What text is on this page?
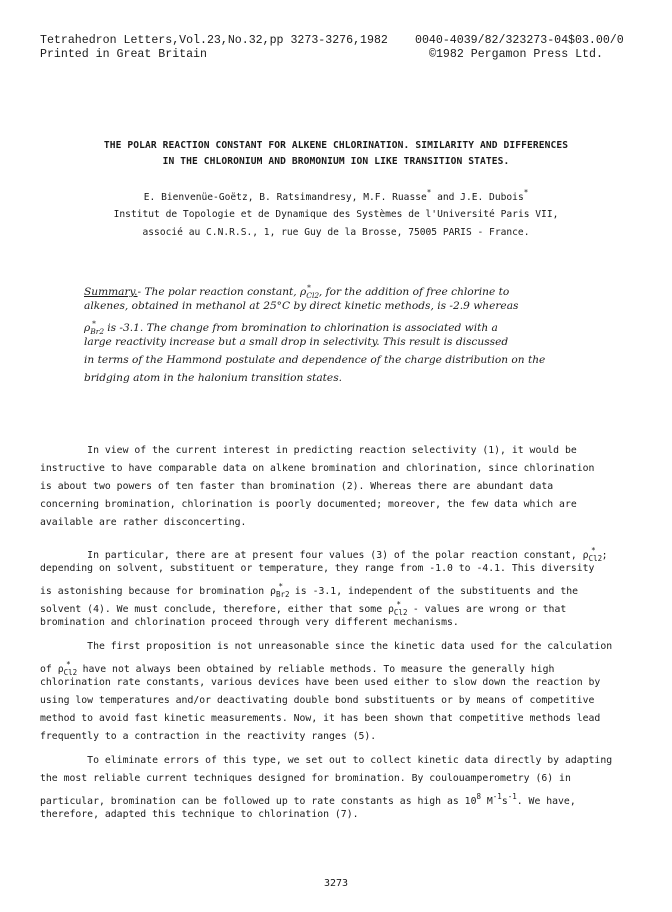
Tetrahedron Letters,Vol.23,No.32,pp 3273-3276,1982 0040-4039/82/323273-04$03.00/0
Printed in Great Britain	©1982 Pergamon Press Ltd.
THE POLAR REACTION CONSTANT FOR ALKENE CHLORINATION. SIMILARITY AND DIFFERENCES
IN THE CHLORONIUM AND BROMONIUM ION LIKE TRANSITION STATES.
E. Bienvenüe-Goëtz, B. Ratsimandresy, M.F. Ruasse* and J.E. Dubois*
Institut de Topologie et de Dynamique des Systèmes de l'Université Paris VII,
associé au C.N.R.S., 1, rue Guy de la Brosse, 75005 PARIS - France.
Summary.- The polar reaction constant, $\rho_{Cl2}^*$ , for the addition of free chlorine to
alkenes, obtained in methanol at 25°C by direct kinetic methods, is -2.9 whereas
$\rho_{Br2}^*$ is -3.1. The change from bromination to chlorination is associated with a
large reactivity increase but a small drop in selectivity. This result is discussed
in terms of the Hammond postulate and dependence of the charge distribution on the
bridging atom in the halonium transition states.
In view of the current interest in predicting reaction selectivity (1), it would be
instructive to have comparable data on alkene bromination and chlorination, since chlorination
is about two powers of ten faster than bromination (2). Whereas there are abundant data
concerning bromination, chlorination is poorly documented; moreover, the few data which are
available are rather disconcerting.
In particular, there are at present four values (3) of the polar reaction constant, $\rho_{Cl2}^*$ ;
depending on solvent, substituent or temperature, they range from -1.0 to -4.1. This diversity
is astonishing because for bromination $\rho_{Br2}^*$ is -3.1, independent of the substituents and the
solvent (4). We must conclude, therefore, either that some $\rho_{Cl2}^*$ - values are wrong or that
bromination and chlorination proceed through very different mechanisms.
The first proposition is not unreasonable since the kinetic data used for the calculation
of $\rho_{Cl2}^*$ have not always been obtained by reliable methods. To measure the generally high
chlorination rate constants, various devices have been used either to slow down the reaction by
using low temperatures and/or deactivating double bond substituents or by means of competitive
method to avoid fast kinetic measurements. Now, it has been shown that competitive methods lead
frequently to a contraction in the reactivity ranges (5).
To eliminate errors of this type, we set out to collect kinetic data directly by adapting
the most reliable current techniques designed for bromination. By coulouamperometry (6) in
particular, bromination can be followed up to rate constants as high as $10^8$ $M^{-1}s^{-1}$. We have,
therefore, adapted this technique to chlorination (7).
3273
